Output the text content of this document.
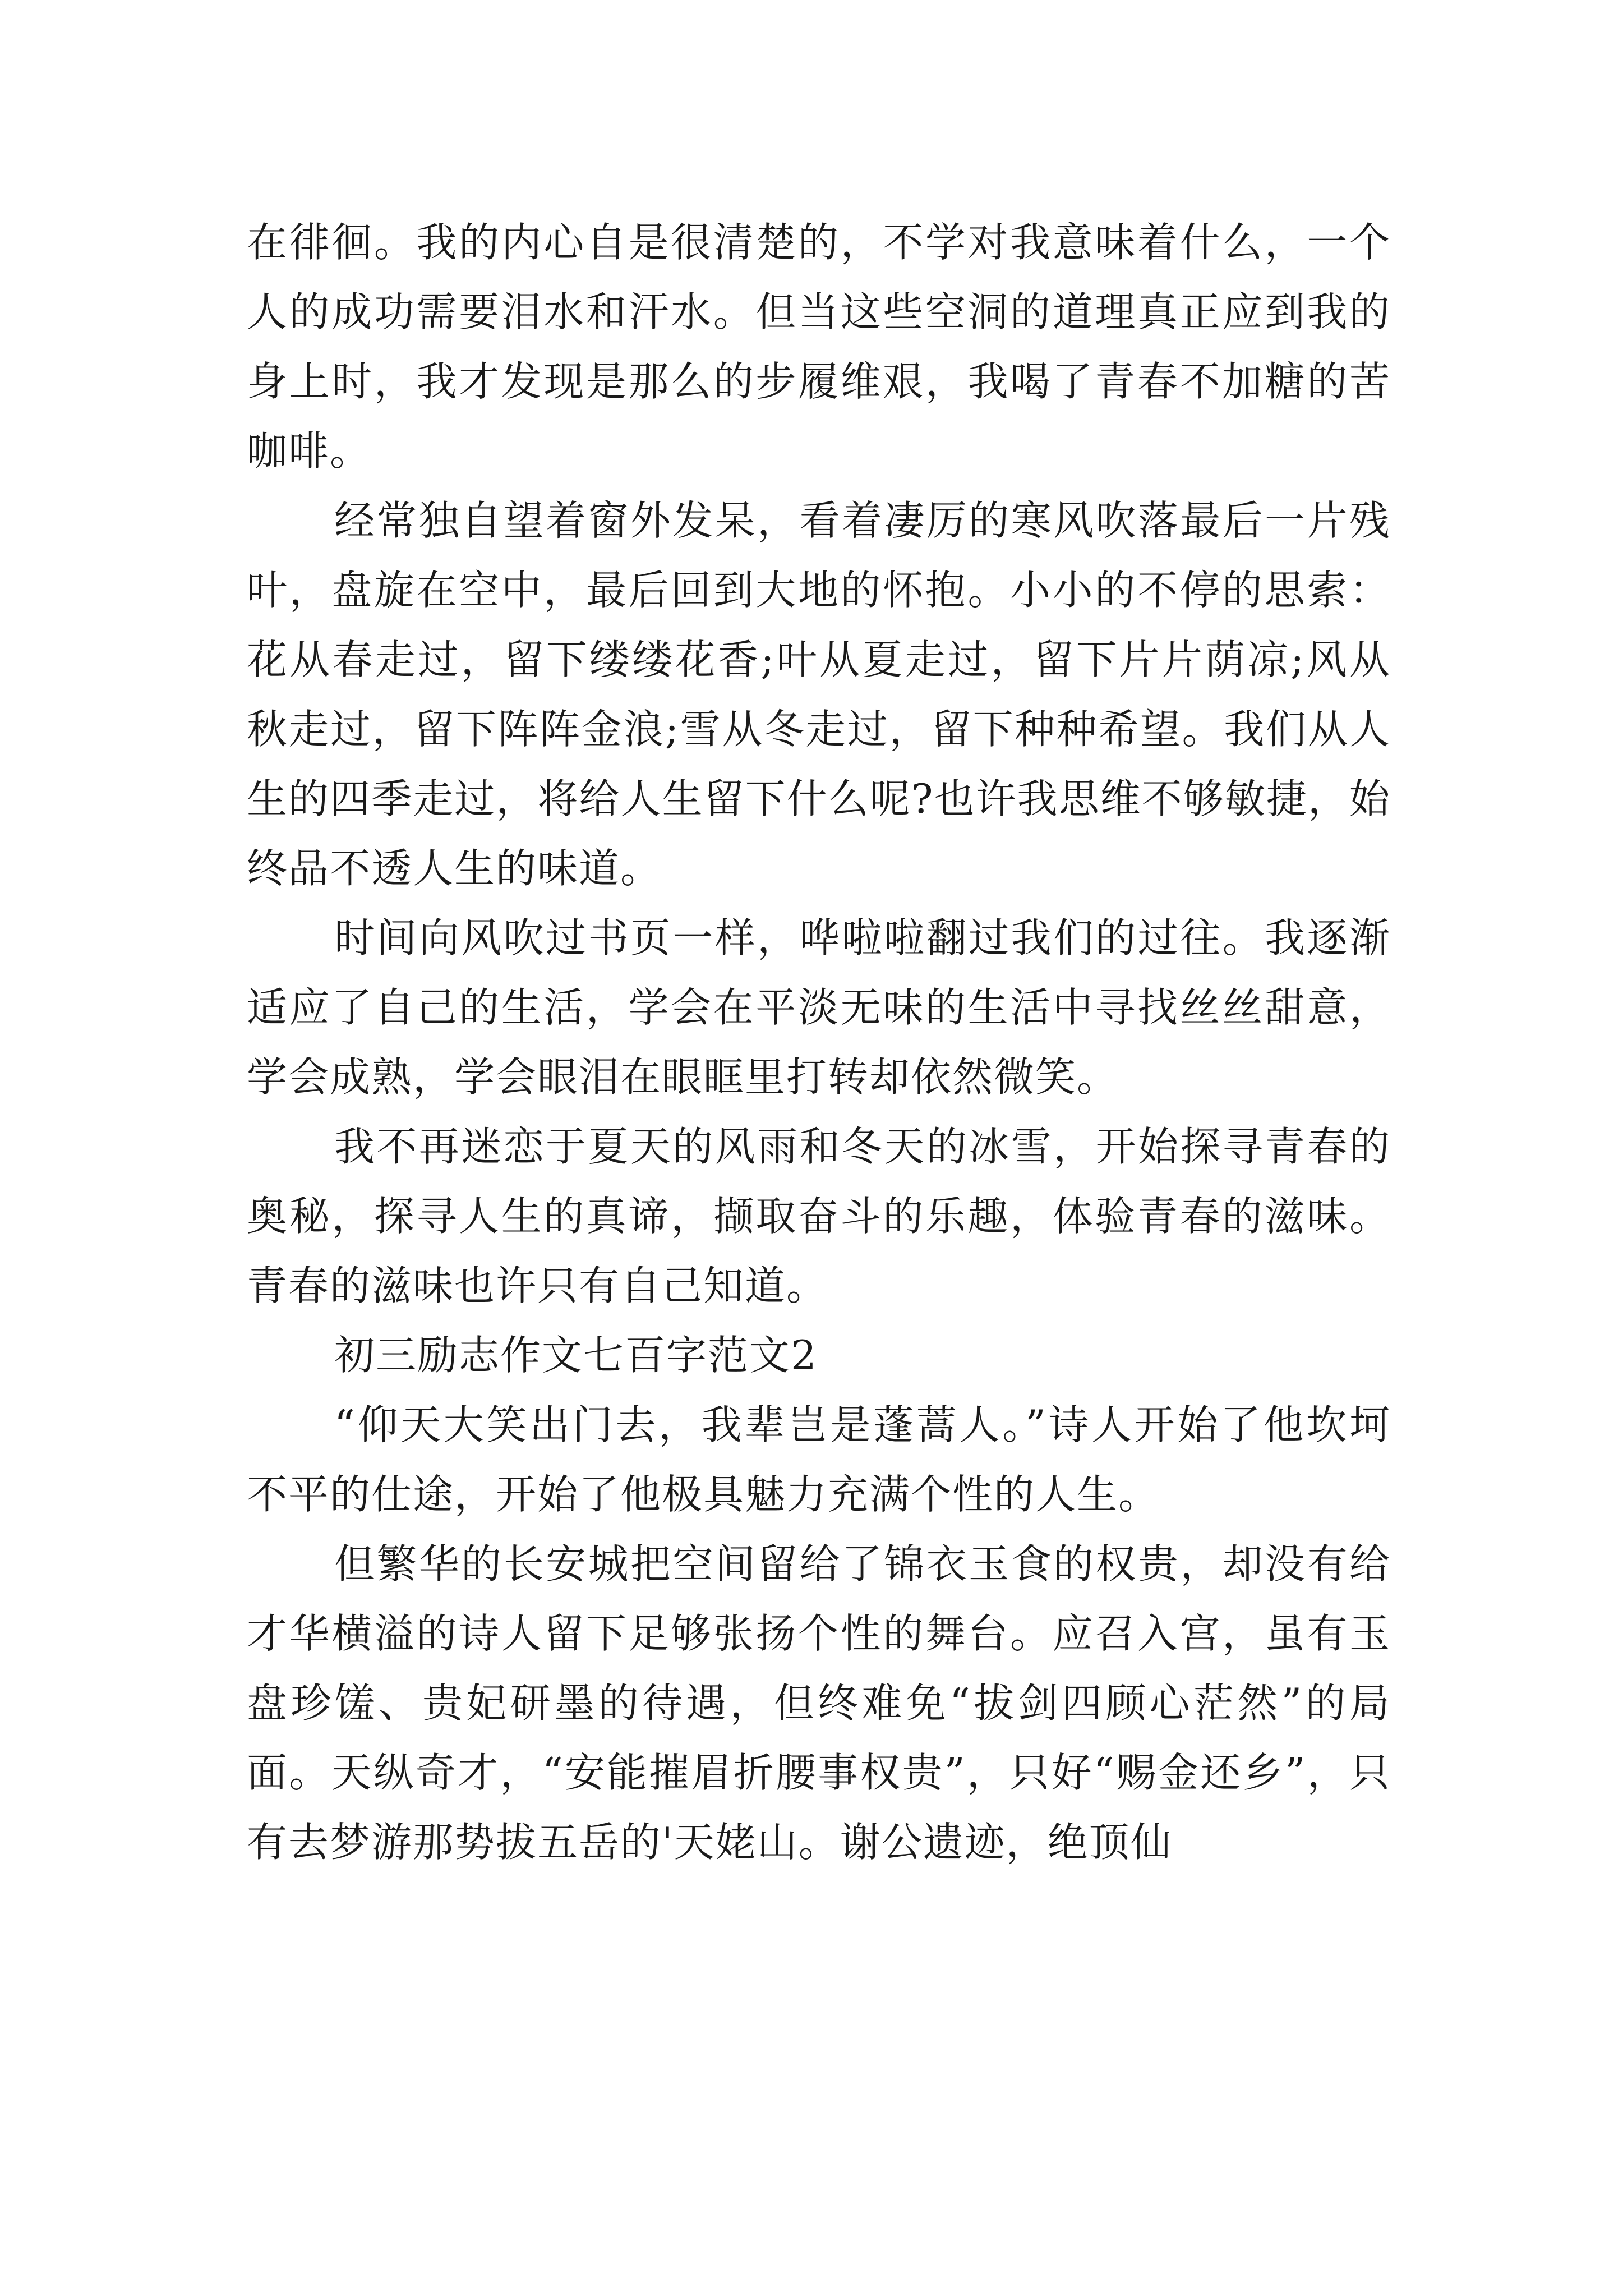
在徘徊。我的内心自是很清楚的，不学对我意味着什么，一个人的成功需要泪水和汗水。但当这些空洞的道理真正应到我的身上时，我才发现是那么的步履维艰，我喝了青春不加糖的苦咖啡。

经常独自望着窗外发呆，看着凄厉的寒风吹落最后一片残叶，盘旋在空中，最后回到大地的怀抱。小小的不停的思索：花从春走过，留下缕缕花香;叶从夏走过，留下片片荫凉;风从秋走过，留下阵阵金浪;雪从冬走过，留下种种希望。我们从人生的四季走过，将给人生留下什么呢?也许我思维不够敏捷，始终品不透人生的味道。

时间向风吹过书页一样，哗啦啦翻过我们的过往。我逐渐适应了自己的生活，学会在平淡无味的生活中寻找丝丝甜意，学会成熟，学会眼泪在眼眶里打转却依然微笑。

我不再迷恋于夏天的风雨和冬天的冰雪，开始探寻青春的奥秘，探寻人生的真谛，撷取奋斗的乐趣，体验青春的滋味。青春的滋味也许只有自己知道。

初三励志作文七百字范文2

“仰天大笑出门去，我辈岂是蓬蒿人。”诗人开始了他坎坷不平的仕途，开始了他极具魅力充满个性的人生。

但繁华的长安城把空间留给了锦衣玉食的权贵，却没有给才华横溢的诗人留下足够张扬个性的舞台。应召入宫，虽有玉盘珍馐、贵妃研墨的待遇，但终难免“拔剑四顾心茫然”的局面。天纵奇才，“安能摧眉折腰事权贵”，只好“赐金还乡”，只有去梦游那势拔五岳的'天姥山。谢公遗迹，绝顶仙
